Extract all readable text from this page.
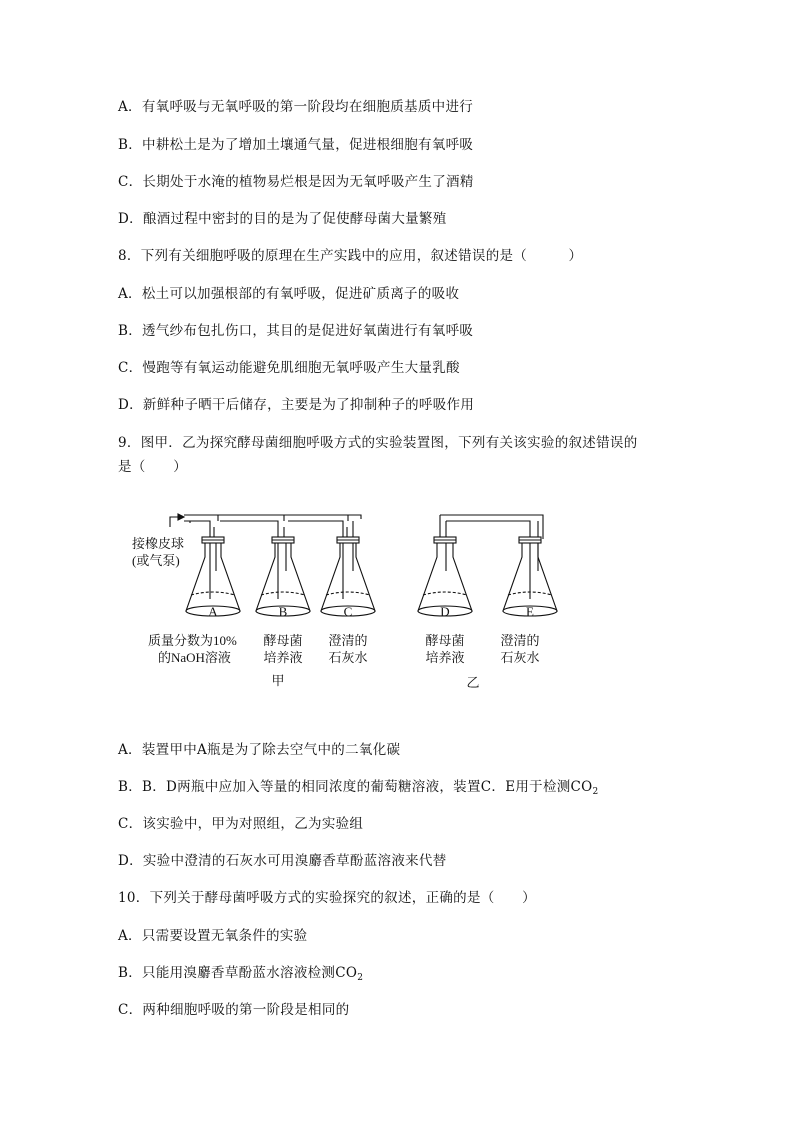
A．有氧呼吸与无氧呼吸的第一阶段均在细胞质基质中进行
B．中耕松土是为了增加土壤通气量，促进根细胞有氧呼吸
C．长期处于水淹的植物易烂根是因为无氧呼吸产生了酒精
D．酿酒过程中密封的目的是为了促使酵母菌大量繁殖
8．下列有关细胞呼吸的原理在生产实践中的应用，叙述错误的是（　　　）
A．松土可以加强根部的有氧呼吸，促进矿质离子的吸收
B．透气纱布包扎伤口，其目的是促进好氧菌进行有氧呼吸
C．慢跑等有氧运动能避免肌细胞无氧呼吸产生大量乳酸
D．新鲜种子晒干后储存，主要是为了抑制种子的呼吸作用
9．图甲．乙为探究酵母菌细胞呼吸方式的实验装置图，下列有关该实验的叙述错误的
是（　　）
A	B	C	D	E
接橡皮球
(或气泵)
质量分数为10%
的NaOH溶液
酵母菌
培养液
澄清的
石灰水
酵母菌
培养液
澄清的
石灰水
甲	乙
A．装置甲中A瓶是为了除去空气中的二氧化碳
B．B．D两瓶中应加入等量的相同浓度的葡萄糖溶液，装置C．E用于检测$CO_2$
C．该实验中，甲为对照组，乙为实验组
D．实验中澄清的石灰水可用溴麝香草酚蓝溶液来代替
10．下列关于酵母菌呼吸方式的实验探究的叙述，正确的是（　　）
A．只需要设置无氧条件的实验
B．只能用溴麝香草酚蓝水溶液检测$CO_2$
C．两种细胞呼吸的第一阶段是相同的
